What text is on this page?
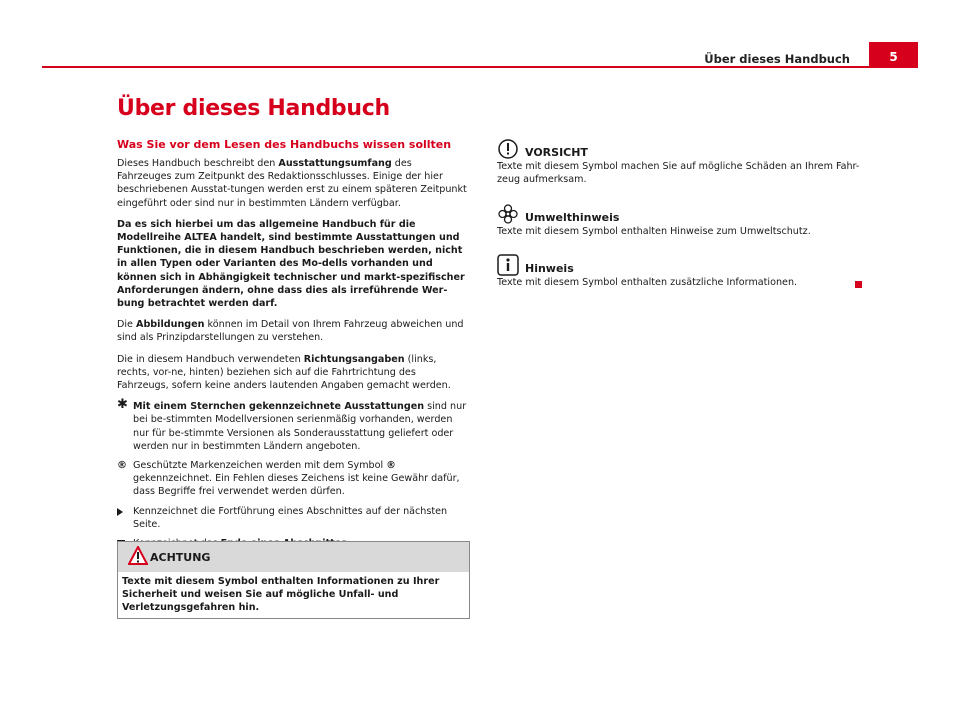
Über dieses Handbuch	5
Über dieses Handbuch
Was Sie vor dem Lesen des Handbuchs wissen sollten

Dieses Handbuch beschreibt den Ausstattungsumfang des Fahrzeuges zum Zeitpunkt des Redaktionsschlusses. Einige der hier beschriebenen Ausstat-tungen werden erst zu einem späteren Zeitpunkt eingeführt oder sind nur in bestimmten Ländern verfügbar.

Da es sich hierbei um das allgemeine Handbuch für die Modellreihe ALTEA handelt, sind bestimmte Ausstattungen und Funktionen, die in diesem Handbuch beschrieben werden, nicht in allen Typen oder Varianten des Mo-dells vorhanden und können sich in Abhängigkeit technischer und markt-spezifischer Anforderungen ändern, ohne dass dies als irreführende Wer-bung betrachtet werden darf.

Die Abbildungen können im Detail von Ihrem Fahrzeug abweichen und sind als Prinzipdarstellungen zu verstehen.

Die in diesem Handbuch verwendeten Richtungsangaben (links, rechts, vor-ne, hinten) beziehen sich auf die Fahrtrichtung des Fahrzeugs, sofern keine anders lautenden Angaben gemacht werden.

✱ Mit einem Sternchen gekennzeichnete Ausstattungen sind nur bei be-stimmten Modellversionen serienmäßig vorhanden, werden nur für be-stimmte Versionen als Sonderausstattung geliefert oder werden nur in bestimmten Ländern angeboten.
® Geschützte Markenzeichen werden mit dem Symbol ® gekennzeichnet. Ein Fehlen dieses Zeichens ist keine Gewähr dafür, dass Begriffe frei verwendet werden dürfen.
Kennzeichnet die Fortführung eines Abschnittes auf der nächsten Seite.
ACHTUNG
Texte mit diesem Symbol enthalten Informationen zu Ihrer Sicherheit und weisen Sie auf mögliche Unfall- und Verletzungsgefahren hin.
VORSICHT

Texte mit diesem Symbol machen Sie auf mögliche Schäden an Ihrem Fahr-zeug aufmerksam.

Umwelthinweis

Texte mit diesem Symbol enthalten Hinweise zum Umweltschutz.

Hinweis

Texte mit diesem Symbol enthalten zusätzliche Informationen.
